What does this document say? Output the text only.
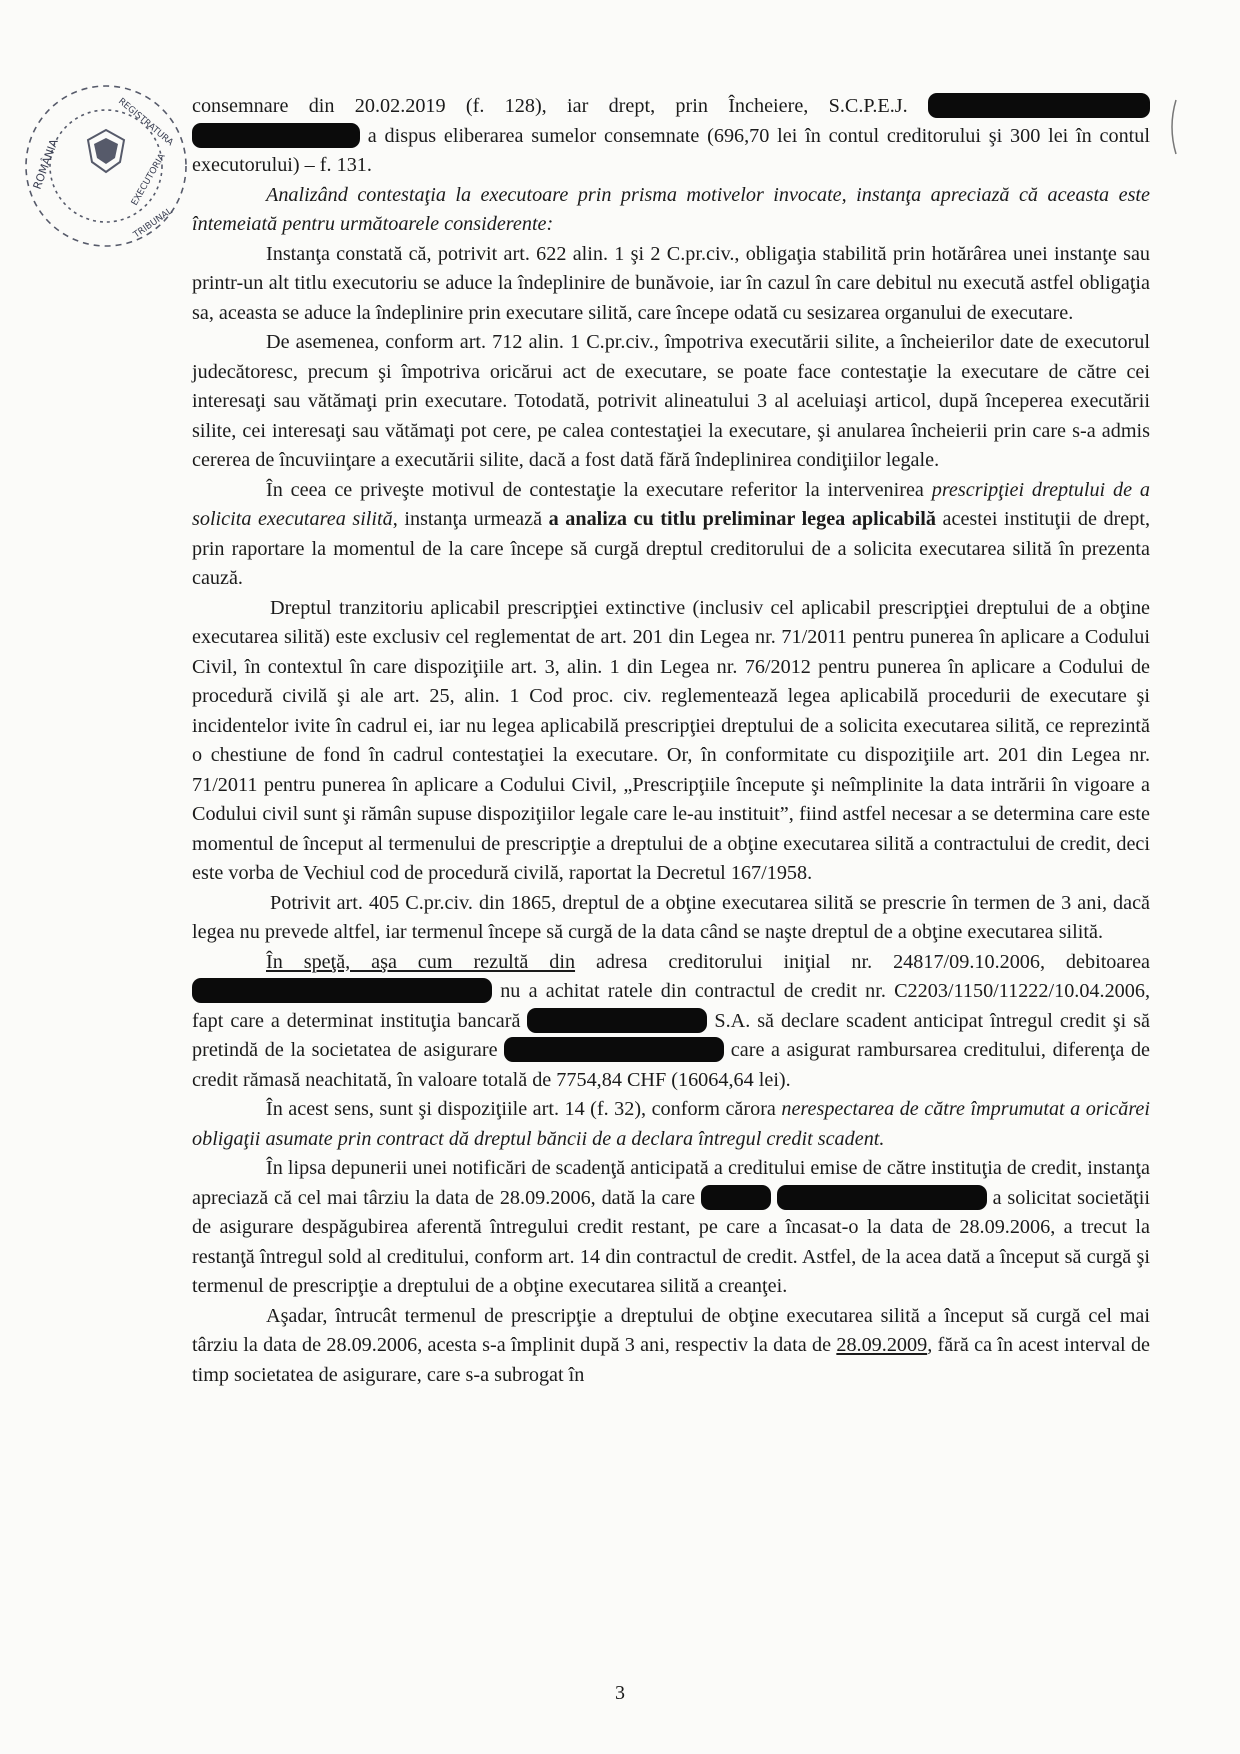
ROMÂNIA
REGISTRATURA
EXECUTORIA
TRIBUNAL

consemnare din 20.02.2019 (f. 128), iar drept, prin Încheiere, S.C.P.E.J.   a dispus eliberarea sumelor consemnate (696,70 lei în contul creditorului şi 300 lei în contul executorului) – f. 131.

Analizând contestaţia la executoare prin prisma motivelor invocate, instanţa apreciază că aceasta este întemeiată pentru următoarele considerente:

Instanţa constată că, potrivit art. 622 alin. 1 şi 2 C.pr.civ., obligaţia stabilită prin hotărârea unei instanţe sau printr-un alt titlu executoriu se aduce la îndeplinire de bunăvoie, iar în cazul în care debitul nu execută astfel obligaţia sa, aceasta se aduce la îndeplinire prin executare silită, care începe odată cu sesizarea organului de executare.

De asemenea, conform art. 712 alin. 1 C.pr.civ., împotriva executării silite, a încheierilor date de executorul judecătoresc, precum şi împotriva oricărui act de executare, se poate face contestaţie la executare de către cei interesaţi sau vătămaţi prin executare. Totodată, potrivit alineatului 3 al aceluiaşi articol, după începerea executării silite, cei interesaţi sau vătămaţi pot cere, pe calea contestaţiei la executare, şi anularea încheierii prin care s-a admis cererea de încuviinţare a executării silite, dacă a fost dată fără îndeplinirea condiţiilor legale.

În ceea ce priveşte motivul de contestaţie la executare referitor la intervenirea prescripţiei dreptului de a solicita executarea silită, instanţa urmează a analiza cu titlu preliminar legea aplicabilă acestei instituţii de drept, prin raportare la momentul de la care începe să curgă dreptul creditorului de a solicita executarea silită în prezenta cauză.

Dreptul tranzitoriu aplicabil prescripţiei extinctive (inclusiv cel aplicabil prescripţiei dreptului de a obţine executarea silită) este exclusiv cel reglementat de art. 201 din Legea nr. 71/2011 pentru punerea în aplicare a Codului Civil, în contextul în care dispoziţiile art. 3, alin. 1 din Legea nr. 76/2012 pentru punerea în aplicare a Codului de procedură civilă şi ale art. 25, alin. 1 Cod proc. civ. reglementează legea aplicabilă procedurii de executare şi incidentelor ivite în cadrul ei, iar nu legea aplicabilă prescripţiei dreptului de a solicita executarea silită, ce reprezintă o chestiune de fond în cadrul contestaţiei la executare. Or, în conformitate cu dispoziţiile art. 201 din Legea nr. 71/2011 pentru punerea în aplicare a Codului Civil, „Prescripţiile începute şi neîmplinite la data intrării în vigoare a Codului civil sunt şi rămân supuse dispoziţiilor legale care le-au instituit”, fiind astfel necesar a se determina care este momentul de început al termenului de prescripţie a dreptului de a obţine executarea silită a contractului de credit, deci este vorba de Vechiul cod de procedură civilă, raportat la Decretul 167/1958.

Potrivit art. 405 C.pr.civ. din 1865, dreptul de a obţine executarea silită se prescrie în termen de 3 ani, dacă legea nu prevede altfel, iar termenul începe să curgă de la data când se naşte dreptul de a obţine executarea silită.

În speţă, aşa cum rezultă din adresa creditorului iniţial nr. 24817/09.10.2006, debitoarea  nu a achitat ratele din contractul de credit nr. C2203/1150/11222/10.04.2006, fapt care a determinat instituţia bancară	S.A. să declare scadent anticipat întregul credit şi să pretindă de la societatea de asigurare	care a asigurat rambursarea creditului, diferenţa de credit rămasă neachitată, în valoare totală de 7754,84 CHF (16064,64 lei).

În acest sens, sunt şi dispoziţiile art. 14 (f. 32), conform cărora nerespectarea de către împrumutat a oricărei obligaţii asumate prin contract dă dreptul băncii de a declara întregul credit scadent.

În lipsa depunerii unei notificări de scadenţă anticipată a creditului emise de către instituţia de credit, instanţa apreciază că cel mai târziu la data de 28.09.2006, dată la care	a solicitat societăţii de asigurare despăgubirea aferentă întregului credit restant, pe care a încasat-o la data de 28.09.2006, a trecut la restanţă întregul sold al creditului, conform art. 14 din contractul de credit. Astfel, de la acea dată a început să curgă şi termenul de prescripţie a dreptului de a obţine executarea silită a creanţei.

Aşadar, întrucât termenul de prescripţie a dreptului de obţine executarea silită a început să curgă cel mai târziu la data de 28.09.2006, acesta s-a împlinit după 3 ani, respectiv la data de 28.09.2009, fără ca în acest interval de timp societatea de asigurare, care s-a subrogat în

3
